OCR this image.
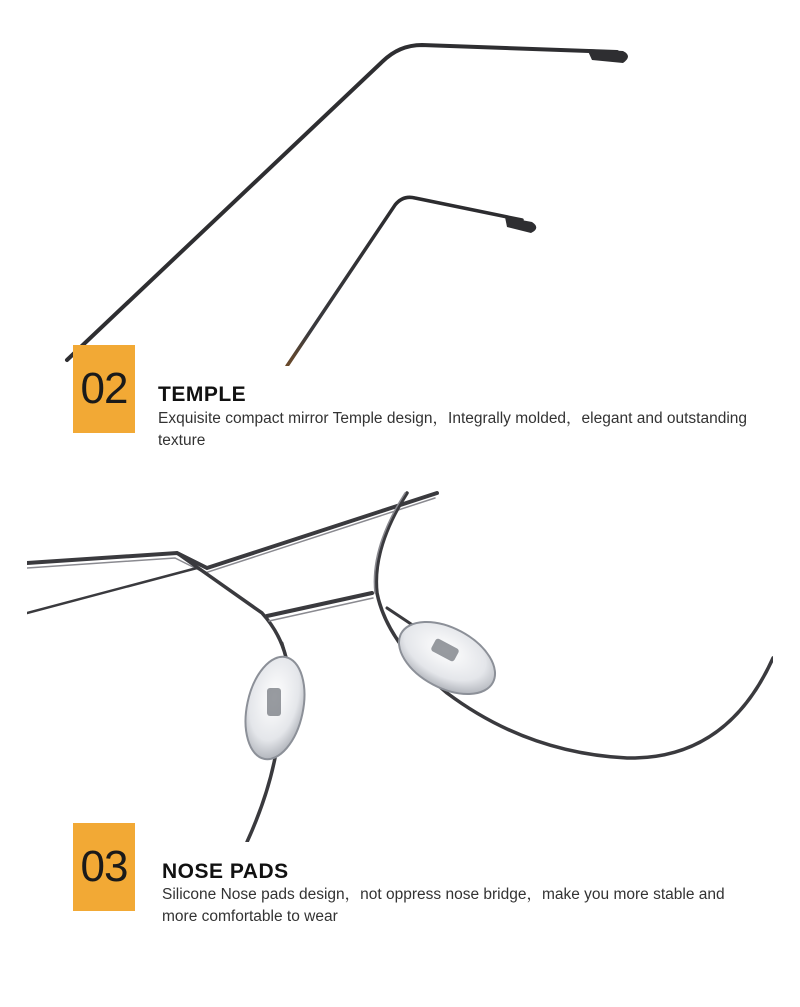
02	TEMPLE
Exquisite compact mirror Temple design，Integrally molded，elegant and outstanding texture
03	NOSE PADS
Silicone Nose pads design，not oppress nose bridge，make you more stable and more comfortable to wear
